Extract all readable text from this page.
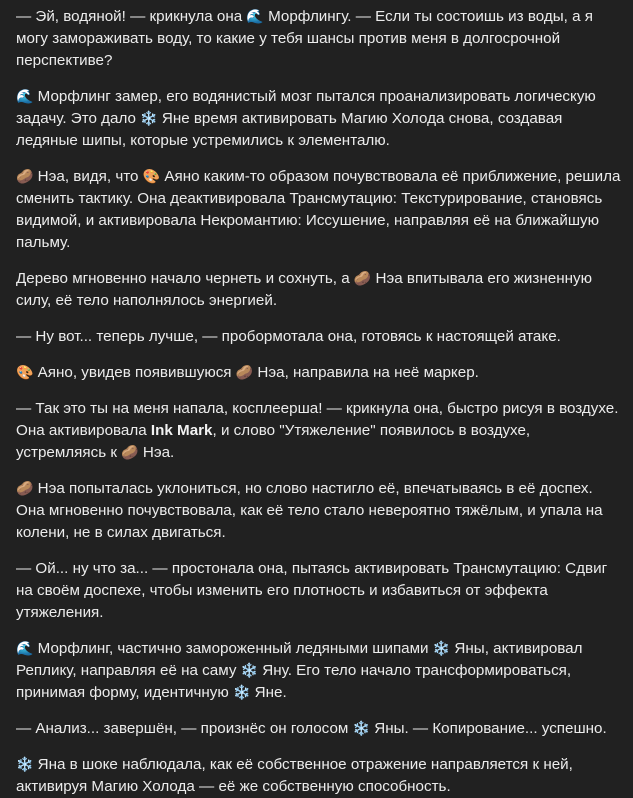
— Эй, водяной! — крикнула она 🌊 Морфлингу. — Если ты состоишь из воды, а я могу замораживать воду, то какие у тебя шансы против меня в долгосрочной перспективе?

🌊 Морфлинг замер, его водянистый мозг пытался проанализировать логическую задачу. Это дало ❄️ Яне время активировать Магию Холода снова, создавая ледяные шипы, которые устремились к элементалю.

🥔 Нэа, видя, что 🎨 Аяно каким-то образом почувствовала её приближение, решила сменить тактику. Она деактивировала Трансмутацию: Текстурирование, становясь видимой, и активировала Некромантию: Иссушение, направляя её на ближайшую пальму.

Дерево мгновенно начало чернеть и сохнуть, а 🥔 Нэа впитывала его жизненную силу, её тело наполнялось энергией.

— Ну вот... теперь лучше, — пробормотала она, готовясь к настоящей атаке.

🎨 Аяно, увидев появившуюся 🥔 Нэа, направила на неё маркер.

— Так это ты на меня напала, косплеерша! — крикнула она, быстро рисуя в воздухе. Она активировала Ink Mark, и слово "Утяжеление" появилось в воздухе, устремляясь к 🥔 Нэа.

🥔 Нэа попыталась уклониться, но слово настигло её, впечатываясь в её доспех. Она мгновенно почувствовала, как её тело стало невероятно тяжёлым, и упала на колени, не в силах двигаться.

— Ой... ну что за... — простонала она, пытаясь активировать Трансмутацию: Сдвиг на своём доспехе, чтобы изменить его плотность и избавиться от эффекта утяжеления.

🌊 Морфлинг, частично замороженный ледяными шипами ❄️ Яны, активировал Реплику, направляя её на саму ❄️ Яну. Его тело начало трансформироваться, принимая форму, идентичную ❄️ Яне.

— Анализ... завершён, — произнёс он голосом ❄️ Яны. — Копирование... успешно.

❄️ Яна в шоке наблюдала, как её собственное отражение направляется к ней, активируя Магию Холода — её же собственную способность.
